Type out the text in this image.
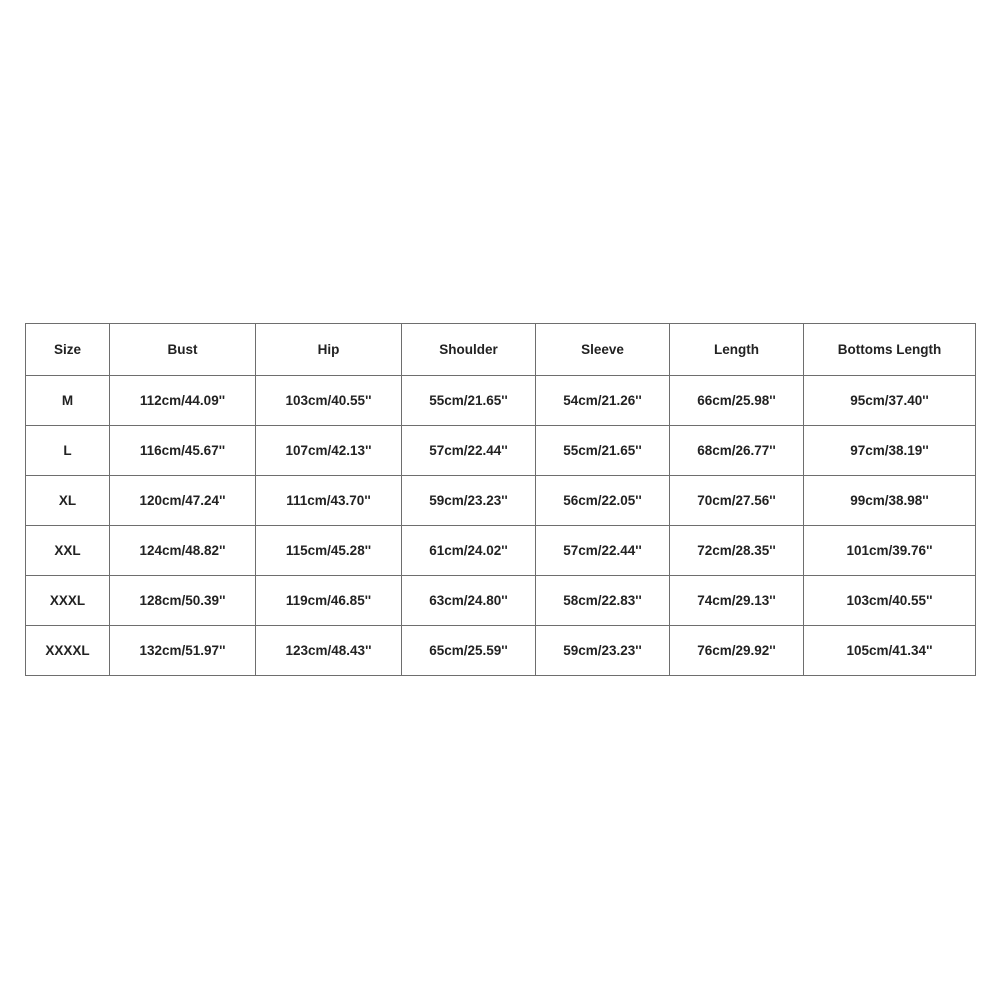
Size	Bust	Hip	Shoulder	Sleeve	Length	Bottoms Length
M	112cm/44.09''	103cm/40.55''	55cm/21.65''	54cm/21.26''	66cm/25.98''	95cm/37.40''
L	116cm/45.67''	107cm/42.13''	57cm/22.44''	55cm/21.65''	68cm/26.77''	97cm/38.19''
XL	120cm/47.24''	111cm/43.70''	59cm/23.23''	56cm/22.05''	70cm/27.56''	99cm/38.98''
XXL	124cm/48.82''	115cm/45.28''	61cm/24.02''	57cm/22.44''	72cm/28.35''	101cm/39.76''
XXXL	128cm/50.39''	119cm/46.85''	63cm/24.80''	58cm/22.83''	74cm/29.13''	103cm/40.55''
XXXXL	132cm/51.97''	123cm/48.43''	65cm/25.59''	59cm/23.23''	76cm/29.92''	105cm/41.34''
